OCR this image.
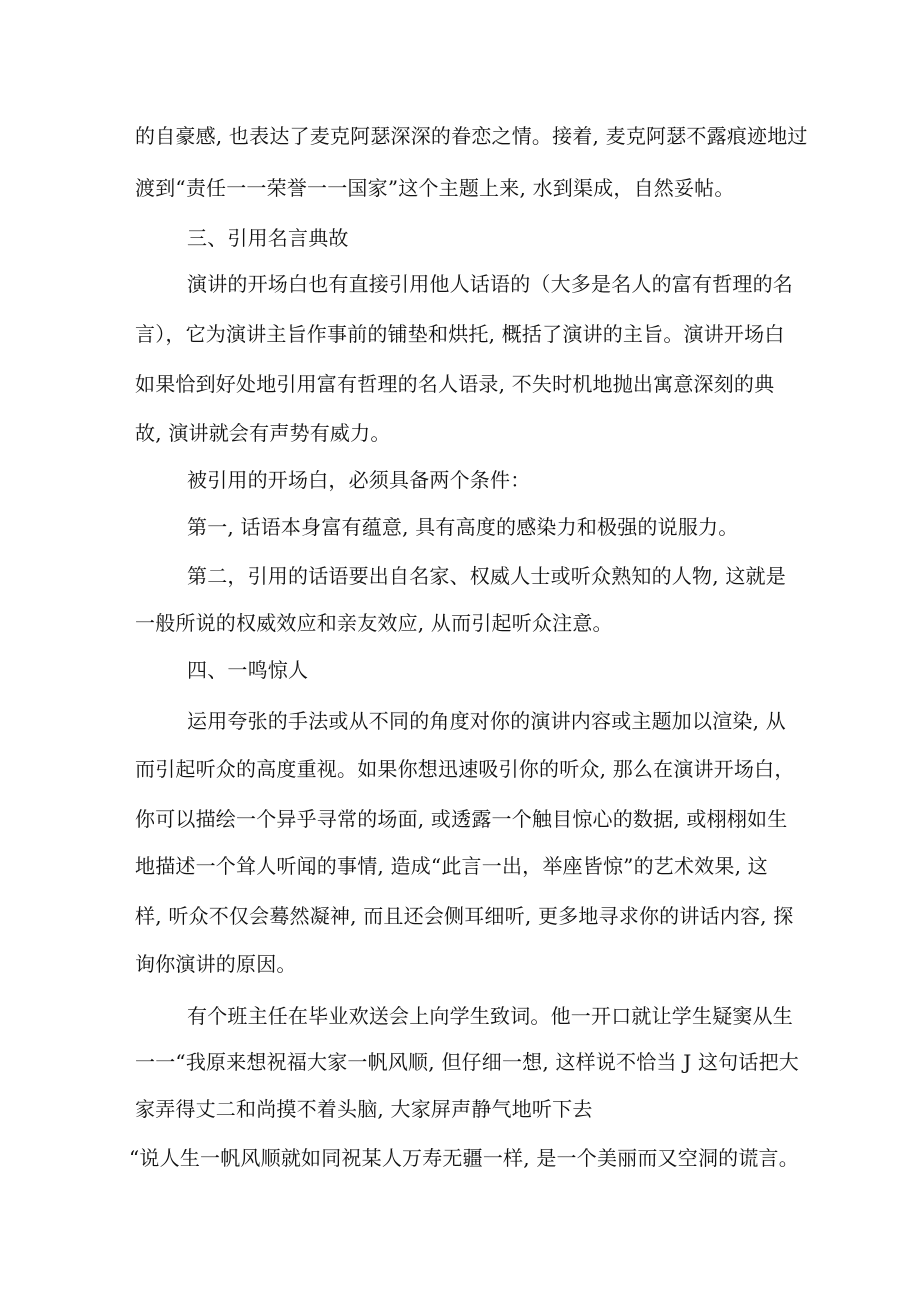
的自豪感, 也表达了麦克阿瑟深深的眷恋之情。接着, 麦克阿瑟不露痕迹地过
渡到“责任一一荣誉一一国家”这个主题上来, 水到渠成，自然妥帖。
三、引用名言典故
演讲的开场白也有直接引用他人话语的（大多是名人的富有哲理的名
言），它为演讲主旨作事前的铺垫和烘托, 概括了演讲的主旨。演讲开场白
如果恰到好处地引用富有哲理的名人语录, 不失时机地抛出寓意深刻的典
故, 演讲就会有声势有威力。
被引用的开场白，必须具备两个条件：
第一, 话语本身富有蕴意, 具有高度的感染力和极强的说服力。
第二，引用的话语要出自名家、权威人士或听众熟知的人物, 这就是
一般所说的权威效应和亲友效应, 从而引起听众注意。
四、一鸣惊人
运用夸张的手法或从不同的角度对你的演讲内容或主题加以渲染, 从
而引起听众的高度重视。如果你想迅速吸引你的听众, 那么在演讲开场白，
你可以描绘一个异乎寻常的场面, 或透露一个触目惊心的数据, 或栩栩如生
地描述一个耸人听闻的事情, 造成“此言一出，举座皆惊”的艺术效果, 这
样, 听众不仅会蓦然凝神, 而且还会侧耳细听, 更多地寻求你的讲话内容, 探
询你演讲的原因。
有个班主任在毕业欢送会上向学生致词。他一开口就让学生疑窦从生
一一“我原来想祝福大家一帆风顺, 但仔细一想, 这样说不恰当 J 这句话把大
家弄得丈二和尚摸不着头脑, 大家屏声静气地听下去
“说人生一帆风顺就如同祝某人万寿无疆一样, 是一个美丽而又空洞的谎言。
